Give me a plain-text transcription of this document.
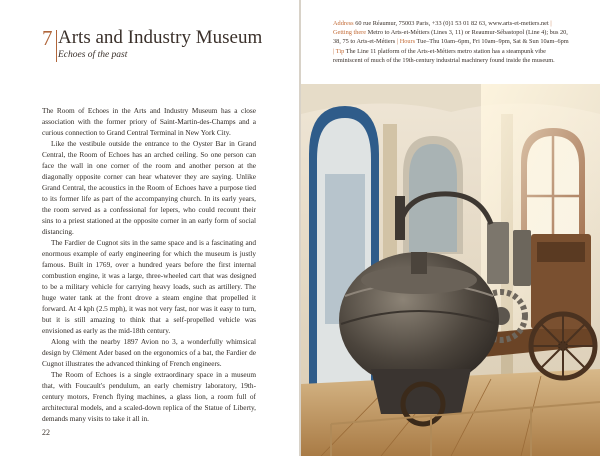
7 Arts and Industry Museum
Echoes of the past

The Room of Echoes in the Arts and Industry Museum has a close association with the former priory of Saint-Martin-des-Champs and a curious connection to Grand Central Terminal in New York City.

Like the vestibule outside the entrance to the Oyster Bar in Grand Central, the Room of Echoes has an arched ceiling. So one person can face the wall in one corner of the room and another person at the diagonally opposite corner can hear whatever they are saying. Unlike Grand Central, the acoustics in the Room of Echoes have a purpose tied to its former life as part of the accompanying church. In its early years, the room served as a confessional for lepers, who could recount their sins to a priest stationed at the opposite corner in an early form of social distancing.

The Fardier de Cugnot sits in the same space and is a fascinating and enormous example of early engineering for which the museum is justly famous. Built in 1769, over a hundred years before the first internal combustion engine, it was a large, three-wheeled cart that was designed to be a military vehicle for carrying heavy loads, such as artillery. The huge water tank at the front drove a steam engine that propelled it forward. At 4 kph (2.5 mph), it was not very fast, nor was it easy to turn, but it is still amazing to think that a self-propelled vehicle was envisioned as early as the mid-18th century.

Along with the nearby 1897 Avion no 3, a wonderfully whimsical design by Clément Ader based on the ergonomics of a bat, the Fardier de Cugnot illustrates the advanced thinking of French engineers.

The Room of Echoes is a single extraordinary space in a museum that, with Foucault's pendulum, an early chemistry laboratory, 19th-century motors, French flying machines, a glass lion, a room full of architectural models, and a scaled-down replica of the Statue of Liberty, demands many visits to take it all in.

22
Address 60 rue Réaumur, 75003 Paris, +33 (0)1 53 01 82 63, www.arts-et-metiers.net | Getting there Metro to Arts-et-Métiers (Lines 3, 11) or Reaumur-Sébastopol (Line 4); bus 20, 38, 75 to Arts-et-Métiers | Hours Tue–Thu 10am–6pm, Fri 10am–9pm, Sat & Sun 10am–6pm | Tip The Line 11 platform of the Arts-et-Métiers metro station has a steampunk vibe reminiscent of much of the 19th-century industrial machinery found inside the museum.
